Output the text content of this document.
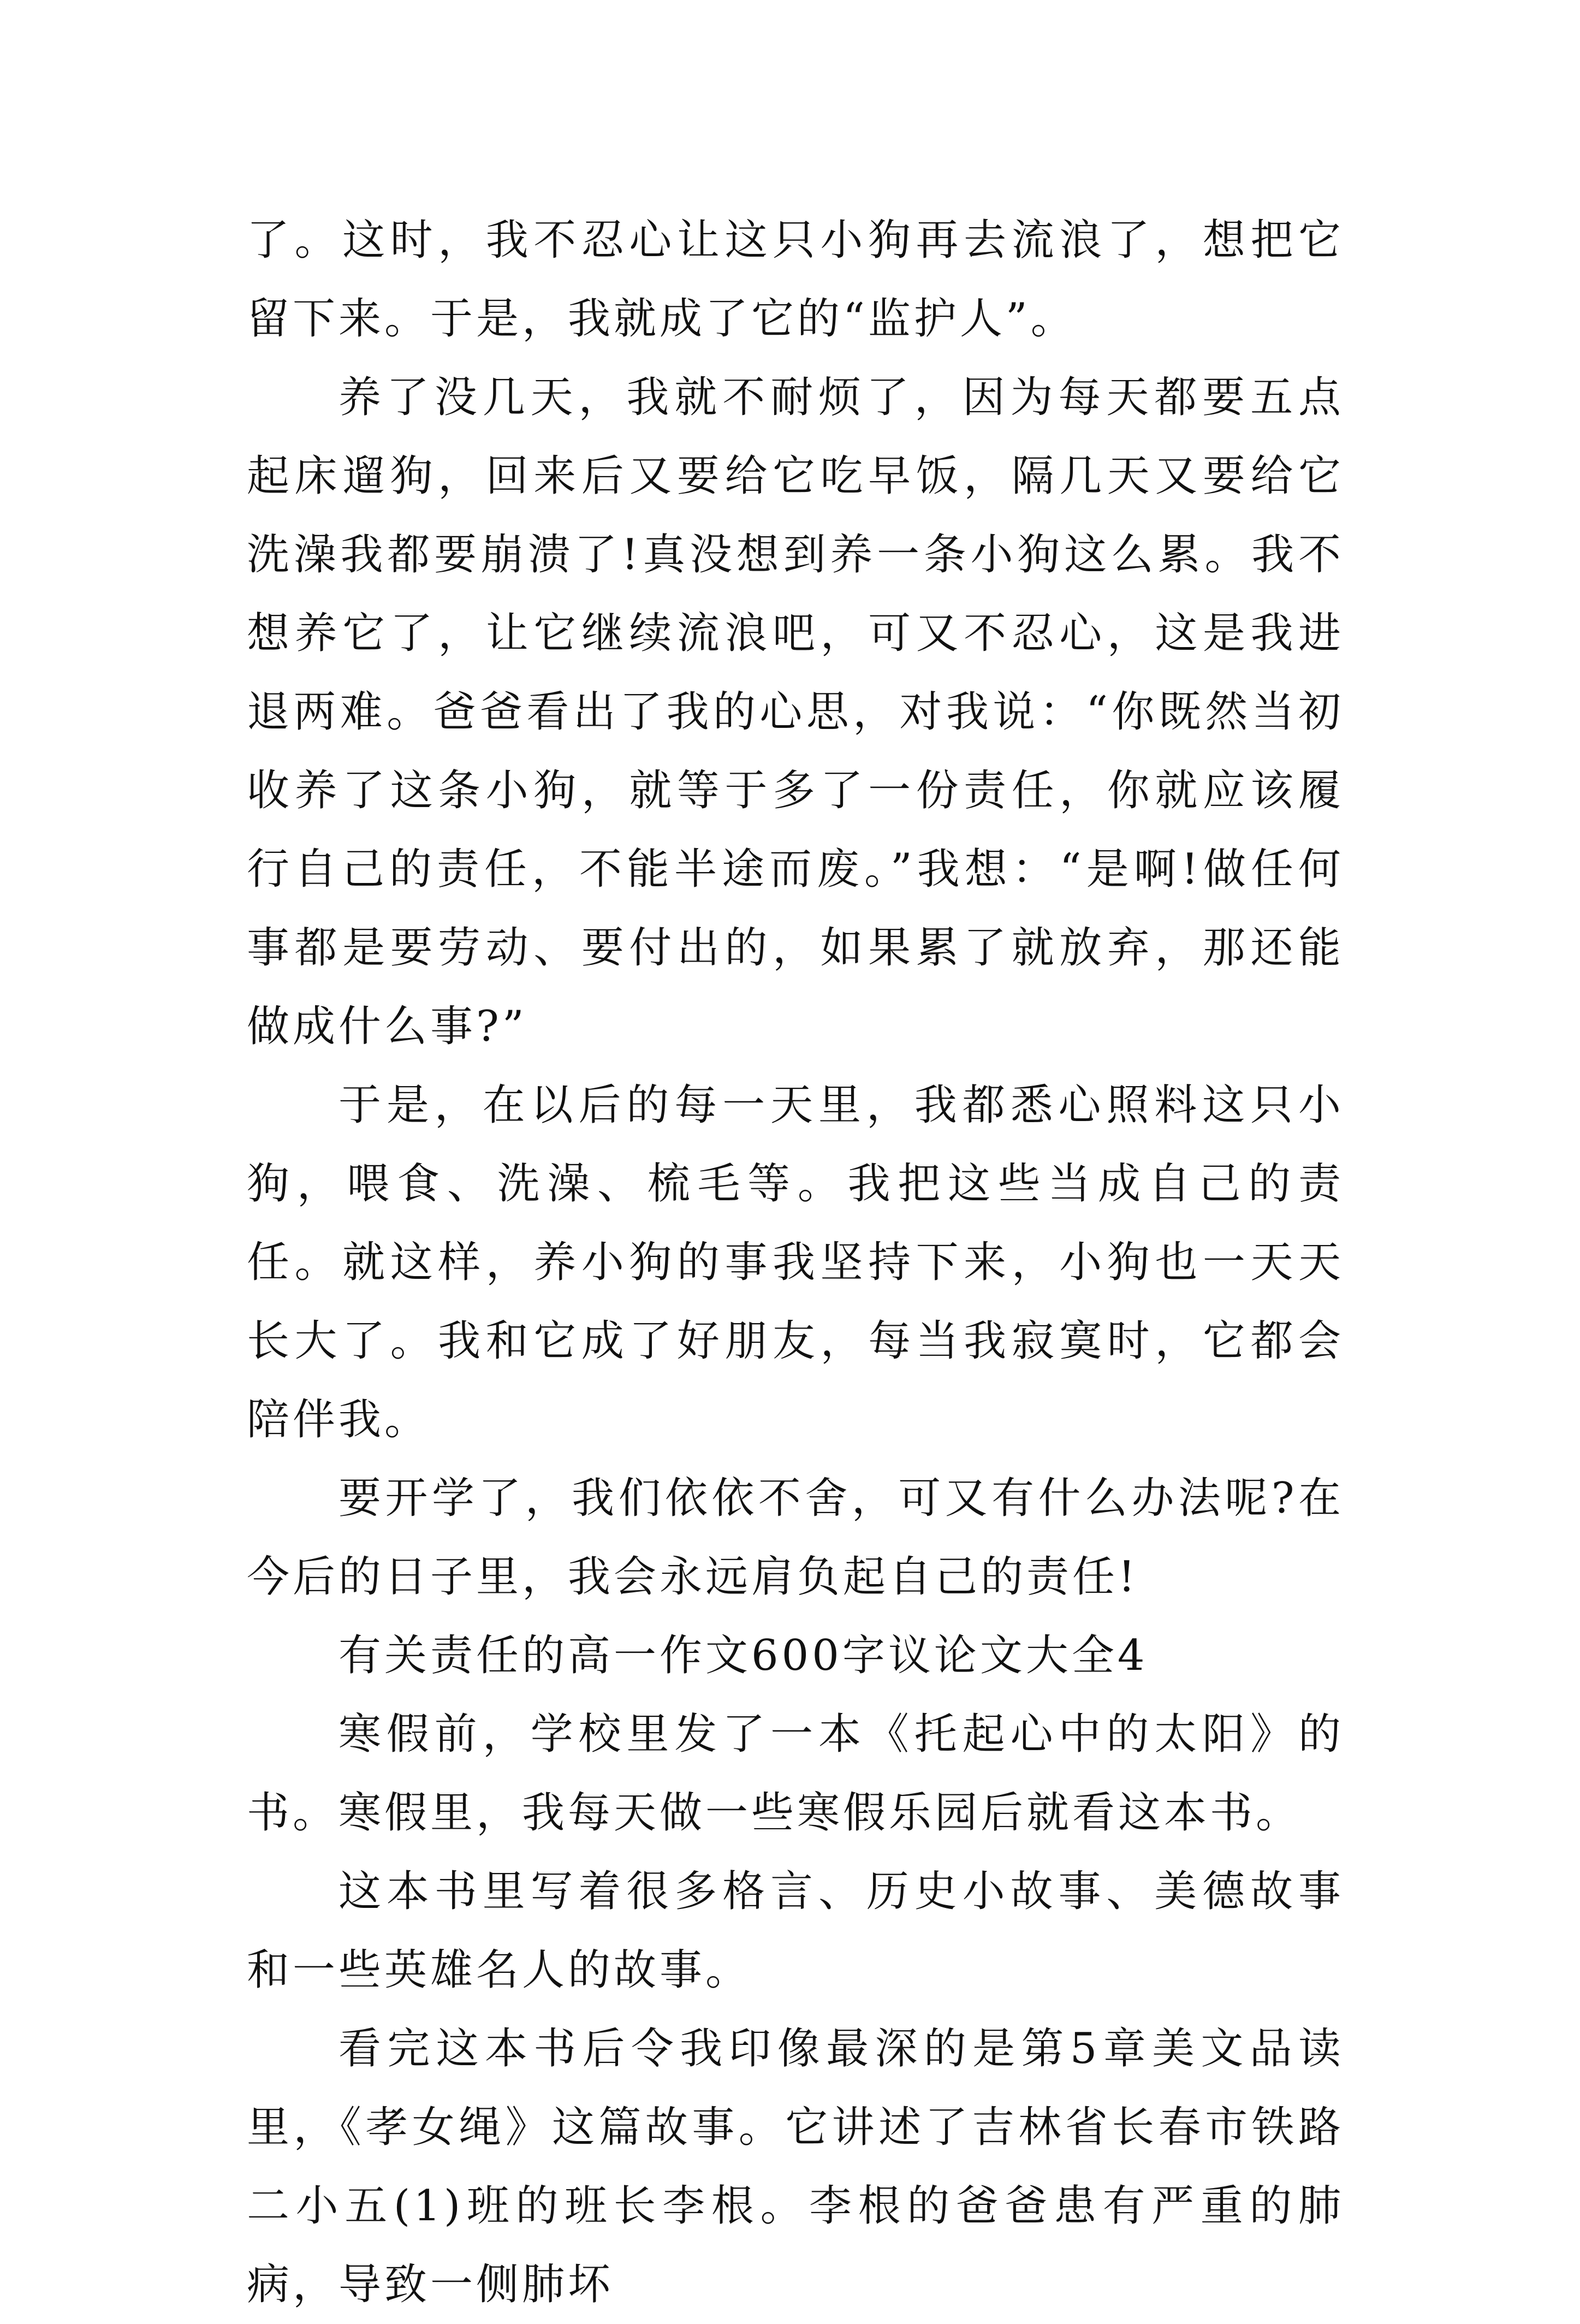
了。这时，我不忍心让这只小狗再去流浪了，想把它留下来。于是，我就成了它的“监护人”。

养了没几天，我就不耐烦了，因为每天都要五点起床遛狗，回来后又要给它吃早饭，隔几天又要给它洗澡我都要崩溃了!真没想到养一条小狗这么累。我不想养它了，让它继续流浪吧，可又不忍心，这是我进退两难。爸爸看出了我的心思，对我说：“你既然当初收养了这条小狗，就等于多了一份责任，你就应该履行自己的责任，不能半途而废。”我想：“是啊!做任何事都是要劳动、要付出的，如果累了就放弃，那还能做成什么事?”

于是，在以后的每一天里，我都悉心照料这只小狗，喂食、洗澡、梳毛等。我把这些当成自己的责任。就这样，养小狗的事我坚持下来，小狗也一天天长大了。我和它成了好朋友，每当我寂寞时，它都会陪伴我。

要开学了，我们依依不舍，可又有什么办法呢?在今后的日子里，我会永远肩负起自己的责任!

有关责任的高一作文600字议论文大全4

寒假前，学校里发了一本《托起心中的太阳》的书。寒假里，我每天做一些寒假乐园后就看这本书。

这本书里写着很多格言、历史小故事、美德故事和一些英雄名人的故事。

看完这本书后令我印像最深的是第5章美文品读里，《孝女绳》这篇故事。它讲述了吉林省长春市铁路二小五(1)班的班长李根。李根的爸爸患有严重的肺病，导致一侧肺坏
